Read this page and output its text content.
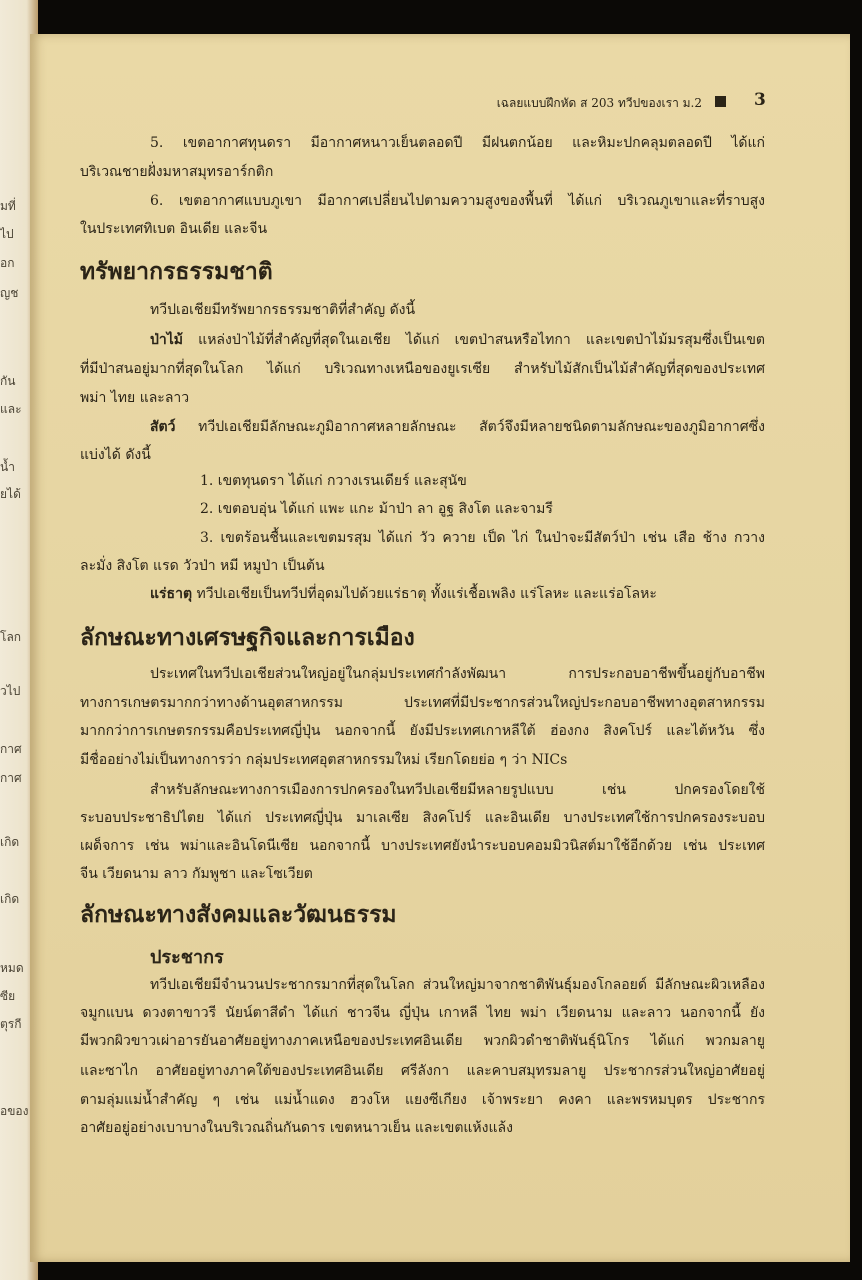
มที่
ไป
อก
ญช
กัน
และ
น้ำ
ยได้
โลก
วไป
กาศ
กาศ
เกิด
เกิด
หมด
ซีย
ตุรกี
อของ
เฉลยแบบฝึกหัด ส 203 ทวีปของเรา ม.2	3
5. เขตอากาศทุนดรา มีอากาศหนาวเย็นตลอดปี มีฝนตกน้อย และหิมะปกคลุมตลอดปี ได้แก่
บริเวณชายฝั่งมหาสมุทรอาร์กติก
6. เขตอากาศแบบภูเขา มีอากาศเปลี่ยนไปตามความสูงของพื้นที่ ได้แก่ บริเวณภูเขาและที่ราบสูง
ในประเทศทิเบต อินเดีย และจีน
ทรัพยากรธรรมชาติ
ทวีปเอเชียมีทรัพยากรธรรมชาติที่สำคัญ ดังนี้
ป่าไม้ แหล่งป่าไม้ที่สำคัญที่สุดในเอเชีย ได้แก่ เขตป่าสนหรือไทกา และเขตป่าไม้มรสุมซึ่งเป็นเขต
ที่มีป่าสนอยู่มากที่สุดในโลก ได้แก่ บริเวณทางเหนือของยูเรเซีย สำหรับไม้สักเป็นไม้สำคัญที่สุดของประเทศ
พม่า ไทย และลาว
สัตว์ ทวีปเอเชียมีลักษณะภูมิอากาศหลายลักษณะ สัตว์จึงมีหลายชนิดตามลักษณะของภูมิอากาศซึ่ง
แบ่งได้ ดังนี้
1. เขตทุนดรา ได้แก่ กวางเรนเดียร์ และสุนัข
2. เขตอบอุ่น ได้แก่ แพะ แกะ ม้าป่า ลา อูฐ สิงโต และจามรี
3. เขตร้อนชื้นและเขตมรสุม ได้แก่ วัว ควาย เป็ด ไก่ ในป่าจะมีสัตว์ป่า เช่น เสือ ช้าง กวาง
ละมั่ง สิงโต แรด วัวป่า หมี หมูป่า เป็นต้น
แร่ธาตุ ทวีปเอเชียเป็นทวีปที่อุดมไปด้วยแร่ธาตุ ทั้งแร่เชื้อเพลิง แร่โลหะ และแร่อโลหะ
ลักษณะทางเศรษฐกิจและการเมือง
ประเทศในทวีปเอเชียส่วนใหญ่อยู่ในกลุ่มประเทศกำลังพัฒนา การประกอบอาชีพขึ้นอยู่กับอาชีพ
ทางการเกษตรมากกว่าทางด้านอุตสาหกรรม ประเทศที่มีประชากรส่วนใหญ่ประกอบอาชีพทางอุตสาหกรรม
มากกว่าการเกษตรกรรมคือประเทศญี่ปุ่น นอกจากนี้ ยังมีประเทศเกาหลีใต้ ฮ่องกง สิงคโปร์ และไต้หวัน ซึ่ง
มีชื่ออย่างไม่เป็นทางการว่า กลุ่มประเทศอุตสาหกรรมใหม่ เรียกโดยย่อ ๆ ว่า NICs
สำหรับลักษณะทางการเมืองการปกครองในทวีปเอเชียมีหลายรูปแบบ เช่น ปกครองโดยใช้
ระบอบประชาธิปไตย ได้แก่ ประเทศญี่ปุ่น มาเลเซีย สิงคโปร์ และอินเดีย บางประเทศใช้การปกครองระบอบ
เผด็จการ เช่น พม่าและอินโดนีเซีย นอกจากนี้ บางประเทศยังนำระบอบคอมมิวนิสต์มาใช้อีกด้วย เช่น ประเทศ
จีน เวียดนาม ลาว กัมพูชา และโซเวียต
ลักษณะทางสังคมและวัฒนธรรม
ประชากร
ทวีปเอเชียมีจำนวนประชากรมากที่สุดในโลก ส่วนใหญ่มาจากชาติพันธุ์มองโกลอยด์ มีลักษณะผิวเหลือง
จมูกแบน ดวงตาขาวรี นัยน์ตาสีดำ ได้แก่ ชาวจีน ญี่ปุ่น เกาหลี ไทย พม่า เวียดนาม และลาว นอกจากนี้ ยัง
มีพวกผิวขาวเผ่าอารยันอาศัยอยู่ทางภาคเหนือของประเทศอินเดีย พวกผิวดำชาติพันธุ์นิโกร ได้แก่ พวกมลายู
และซาไก อาศัยอยู่ทางภาคใต้ของประเทศอินเดีย ศรีลังกา และคาบสมุทรมลายู ประชากรส่วนใหญ่อาศัยอยู่
ตามลุ่มแม่น้ำสำคัญ ๆ เช่น แม่น้ำแดง ฮวงโห แยงซีเกียง เจ้าพระยา คงคา และพรหมบุตร ประชากร
อาศัยอยู่อย่างเบาบางในบริเวณถิ่นกันดาร เขตหนาวเย็น และเขตแห้งแล้ง
